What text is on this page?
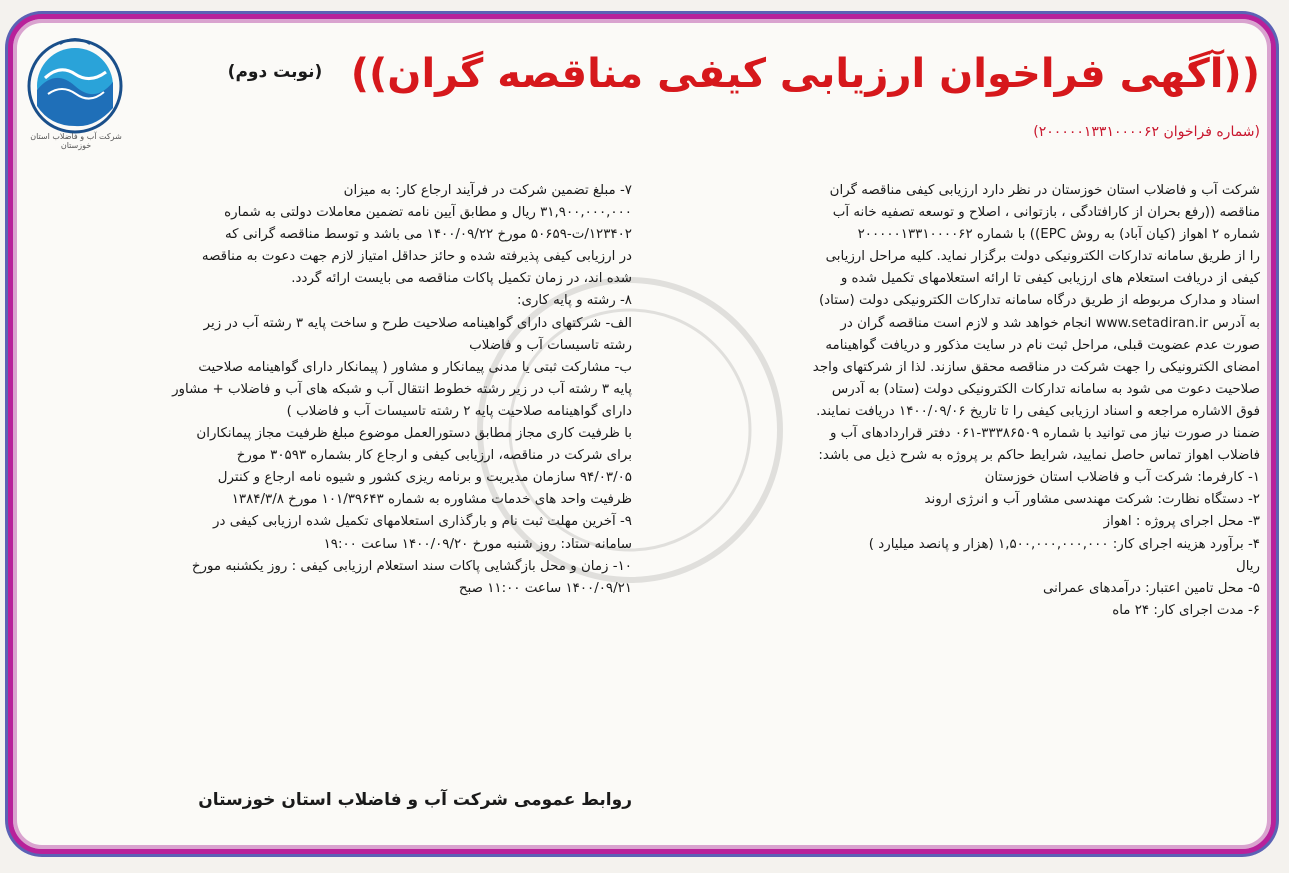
شرکت آب و فاضلاب استان خوزستان
(نوبت دوم) ((آگهی فراخوان ارزیابی کیفی مناقصه گران))
(شماره فراخوان ۲۰۰۰۰۰۱۳۳۱۰۰۰۰۶۲)

شرکت آب و فاضلاب استان خوزستان در نظر دارد ارزیابی کیفی مناقصه گران

مناقصه ((رفع بحران از کارافتادگی ، بازتوانی ، اصلاح و توسعه تصفیه خانه آب

شماره ۲ اهواز (کیان آباد) به روش EPC)) با شماره ۲۰۰۰۰۰۱۳۳۱۰۰۰۰۶۲

را از طریق سامانه تدارکات الکترونیکی دولت برگزار نماید. کلیه مراحل ارزیابی

کیفی از دریافت استعلام های ارزیابی کیفی تا ارائه استعلامهای تکمیل شده و

اسناد و مدارک مربوطه از طریق درگاه سامانه تدارکات الکترونیکی دولت (ستاد)

به آدرس www.setadiran.ir انجام خواهد شد و لازم است مناقصه گران در

صورت عدم عضویت قبلی، مراحل ثبت نام در سایت مذکور و دریافت گواهینامه

امضای الکترونیکی را جهت شرکت در مناقصه محقق سازند. لذا از شرکتهای واجد

صلاحیت دعوت می شود به سامانه تدارکات الکترونیکی دولت (ستاد) به آدرس

فوق الاشاره مراجعه و اسناد ارزیابی کیفی را تا تاریخ ۱۴۰۰/۰۹/۰۶ دریافت نمایند.

ضمنا در صورت نیاز می توانید با شماره ۳۳۳۸۶۵۰۹-۰۶۱ دفتر قراردادهای آب و

فاضلاب اهواز تماس حاصل نمایید، شرایط حاکم بر پروژه به شرح ذیل می باشد:

۱- کارفرما: شرکت آب و فاضلاب استان خوزستان

۲- دستگاه نظارت: شرکت مهندسی مشاور آب و انرژی اروند

۳- محل اجرای پروژه : اهواز

۴- برآورد هزینه اجرای کار: ۱,۵۰۰,۰۰۰,۰۰۰,۰۰۰ (هزار و پانصد میلیارد )

ریال

۵- محل تامین اعتبار: درآمدهای عمرانی

۶- مدت اجرای کار: ۲۴ ماه

۷- مبلغ تضمین شرکت در فرآیند ارجاع کار: به میزان

۳۱,۹۰۰,۰۰۰,۰۰۰ ریال و مطابق آیین نامه تضمین معاملات دولتی به شماره

۱۲۳۴۰۲/ت-۵۰۶۵۹ مورخ ۱۴۰۰/۰۹/۲۲ می باشد و توسط مناقصه گرانی که

در ارزیابی کیفی پذیرفته شده و حائز حداقل امتیاز لازم جهت دعوت به مناقصه

شده اند، در زمان تکمیل پاکات مناقصه می بایست ارائه گردد.

۸- رشته و پایه کاری:

الف- شرکتهای دارای گواهینامه صلاحیت طرح و ساخت پایه ۳ رشته آب در زیر

رشته تاسیسات آب و فاضلاب

ب- مشارکت ثبتی یا مدنی پیمانکار و مشاور ( پیمانکار دارای گواهینامه صلاحیت

پایه ۳ رشته آب در زیر رشته خطوط انتقال آب و شبکه های آب و فاضلاب + مشاور

دارای گواهینامه صلاحیت پایه ۲ رشته تاسیسات آب و فاضلاب )

با ظرفیت کاری مجاز مطابق دستورالعمل موضوع مبلغ ظرفیت مجاز پیمانکاران

برای شرکت در مناقصه، ارزیابی کیفی و ارجاع کار بشماره ۳۰۵۹۳ مورخ

۹۴/۰۳/۰۵ سازمان مدیریت و برنامه ریزی کشور و شیوه نامه ارجاع و کنترل

ظرفیت واحد های خدمات مشاوره به شماره ۱۰۱/۳۹۶۴۳ مورخ ۱۳۸۴/۳/۸

۹- آخرین مهلت ثبت نام و بارگذاری استعلامهای تکمیل شده ارزیابی کیفی در

سامانه ستاد: روز شنبه مورخ ۱۴۰۰/۰۹/۲۰ ساعت ۱۹:۰۰

۱۰- زمان و محل بازگشایی پاکات سند استعلام ارزیابی کیفی : روز یکشنبه مورخ

۱۴۰۰/۰۹/۲۱ ساعت ۱۱:۰۰ صبح

روابط عمومی شرکت آب و فاضلاب استان خوزستان
